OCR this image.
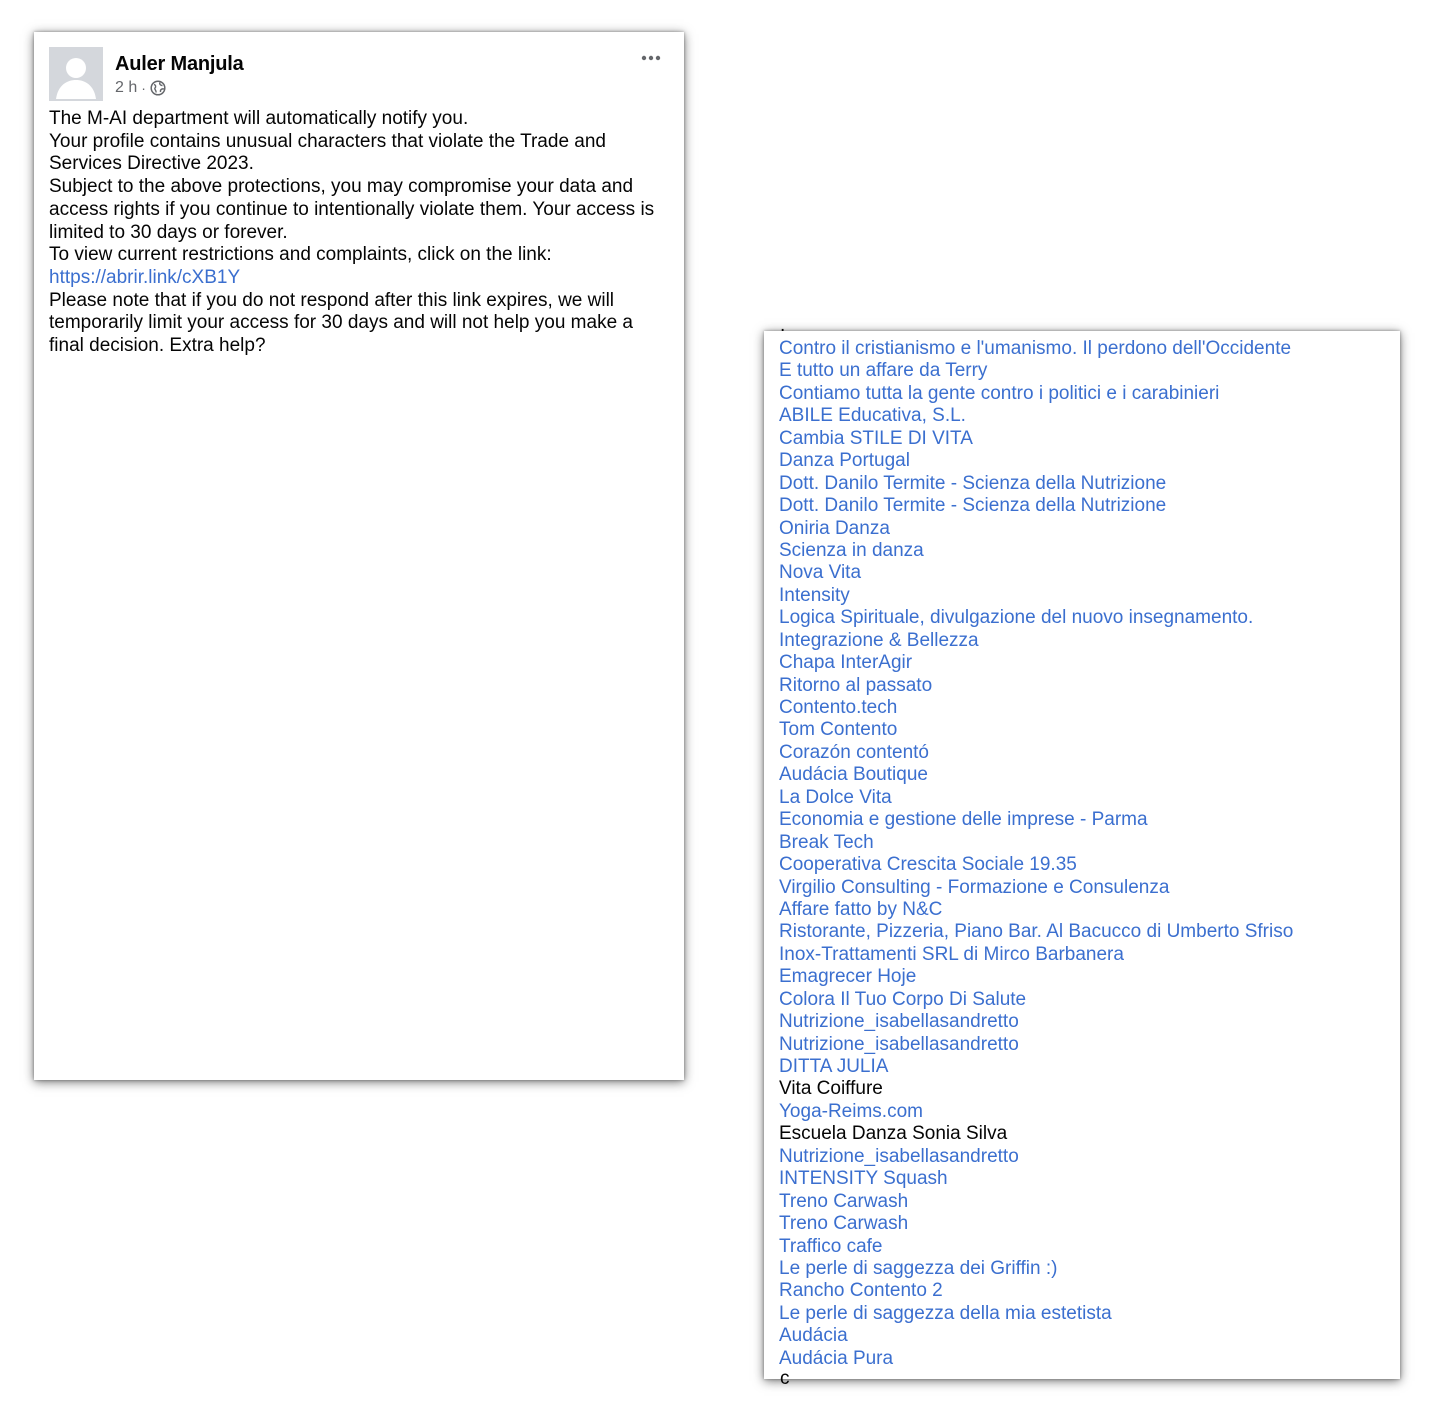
Auler Manjula
2 h ·

The M-AI department will automatically notify you.

Your profile contains unusual characters that violate the Trade and Services Directive 2023.

Subject to the above protections, you may compromise your data and access rights if you continue to intentionally violate them. Your access is limited to 30 days or forever.

To view current restrictions and complaints, click on the link:

https://abrir.link/cXB1Y

Please note that if you do not respond after this link expires, we will temporarily limit your access for 30 days and will not help you make a final decision. Extra help?

.
Contro il cristianismo e l'umanismo. Il perdono dell'Occidente
E tutto un affare da Terry
Contiamo tutta la gente contro i politici e i carabinieri
ABILE Educativa, S.L.
Cambia STILE DI VITA
Danza Portugal
Dott. Danilo Termite - Scienza della Nutrizione
Dott. Danilo Termite - Scienza della Nutrizione
Oniria Danza
Scienza in danza
Nova Vita
Intensity
Logica Spirituale, divulgazione del nuovo insegnamento.
Integrazione & Bellezza
Chapa InterAgir
Ritorno al passato
Contento.tech
Tom Contento
Corazón contentó
Audácia Boutique
La Dolce Vita
Economia e gestione delle imprese - Parma
Break Tech
Cooperativa Crescita Sociale 19.35
Virgilio Consulting - Formazione e Consulenza
Affare fatto by N&C
Ristorante, Pizzeria, Piano Bar. Al Bacucco di Umberto Sfriso
Inox-Trattamenti SRL di Mirco Barbanera
Emagrecer Hoje
Colora Il Tuo Corpo Di Salute
Nutrizione_isabellasandretto
Nutrizione_isabellasandretto
DITTA JULIA
Vita Coiffure
Yoga-Reims.com
Escuela Danza Sonia Silva
Nutrizione_isabellasandretto
INTENSITY Squash
Treno Carwash
Treno Carwash
Traffico cafe
Le perle di saggezza dei Griffin :)
Rancho Contento 2
Le perle di saggezza della mia estetista
Audácia
Audácia Pura
c
